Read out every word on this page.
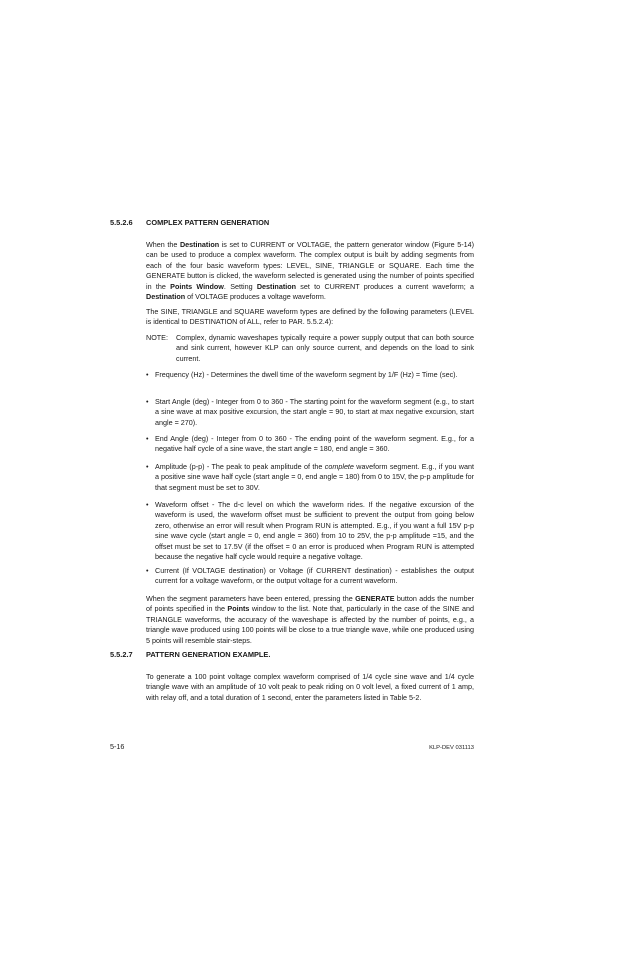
5.5.2.6	COMPLEX PATTERN GENERATION

When the Destination is set to CURRENT or VOLTAGE, the pattern generator window (Figure 5-14) can be used to produce a complex waveform. The complex output is built by adding segments from each of the four basic waveform types: LEVEL, SINE, TRIANGLE or SQUARE. Each time the GENERATE button is clicked, the waveform selected is generated using the number of points specified in the Points Window. Setting Destination set to CURRENT produces a current waveform; a Destination of VOLTAGE produces a voltage waveform.

The SINE, TRIANGLE and SQUARE waveform types are defined by the following parameters (LEVEL is identical to DESTINATION of ALL, refer to PAR. 5.5.2.4):

NOTE:	Complex, dynamic waveshapes typically require a power supply output that can both source and sink current, however KLP can only source current, and depends on the load to sink current.
• Frequency (Hz) - Determines the dwell time of the waveform segment by 1/F (Hz) = Time (sec).
• Start Angle (deg) - Integer from 0 to 360 - The starting point for the waveform segment (e.g., to start a sine wave at max positive excursion, the start angle = 90, to start at max negative excursion, start angle = 270).
• End Angle (deg) - Integer from 0 to 360 - The ending point of the waveform segment. E.g., for a negative half cycle of a sine wave, the start angle = 180, end angle = 360.
• Amplitude (p-p) - The peak to peak amplitude of the complete waveform segment. E.g., if you want a positive sine wave half cycle (start angle = 0, end angle = 180) from 0 to 15V, the p-p amplitude for that segment must be set to 30V.
• Waveform offset - The d-c level on which the waveform rides. If the negative excursion of the waveform is used, the waveform offset must be sufficient to prevent the output from going below zero, otherwise an error will result when Program RUN is attempted. E.g., if you want a full 15V p-p sine wave cycle (start angle = 0, end angle = 360) from 10 to 25V, the p-p amplitude =15, and the offset must be set to 17.5V (if the offset = 0 an error is produced when Program RUN is attempted because the negative half cycle would require a negative voltage.
• Current (If VOLTAGE destination) or Voltage (if CURRENT destination) - establishes the output current for a voltage waveform, or the output voltage for a current waveform.

When the segment parameters have been entered, pressing the GENERATE button adds the number of points specified in the Points window to the list. Note that, particularly in the case of the SINE and TRIANGLE waveforms, the accuracy of the waveshape is affected by the number of points, e.g., a triangle wave produced using 100 points will be close to a true triangle wave, while one produced using 5 points will resemble stair-steps.

5.5.2.7	PATTERN GENERATION EXAMPLE.

To generate a 100 point voltage complex waveform comprised of 1/4 cycle sine wave and 1/4 cycle triangle wave with an amplitude of 10 volt peak to peak riding on 0 volt level, a fixed current of 1 amp, with relay off, and a total duration of 1 second, enter the parameters listed in Table 5-2.

5-16	KLP-DEV 031113
